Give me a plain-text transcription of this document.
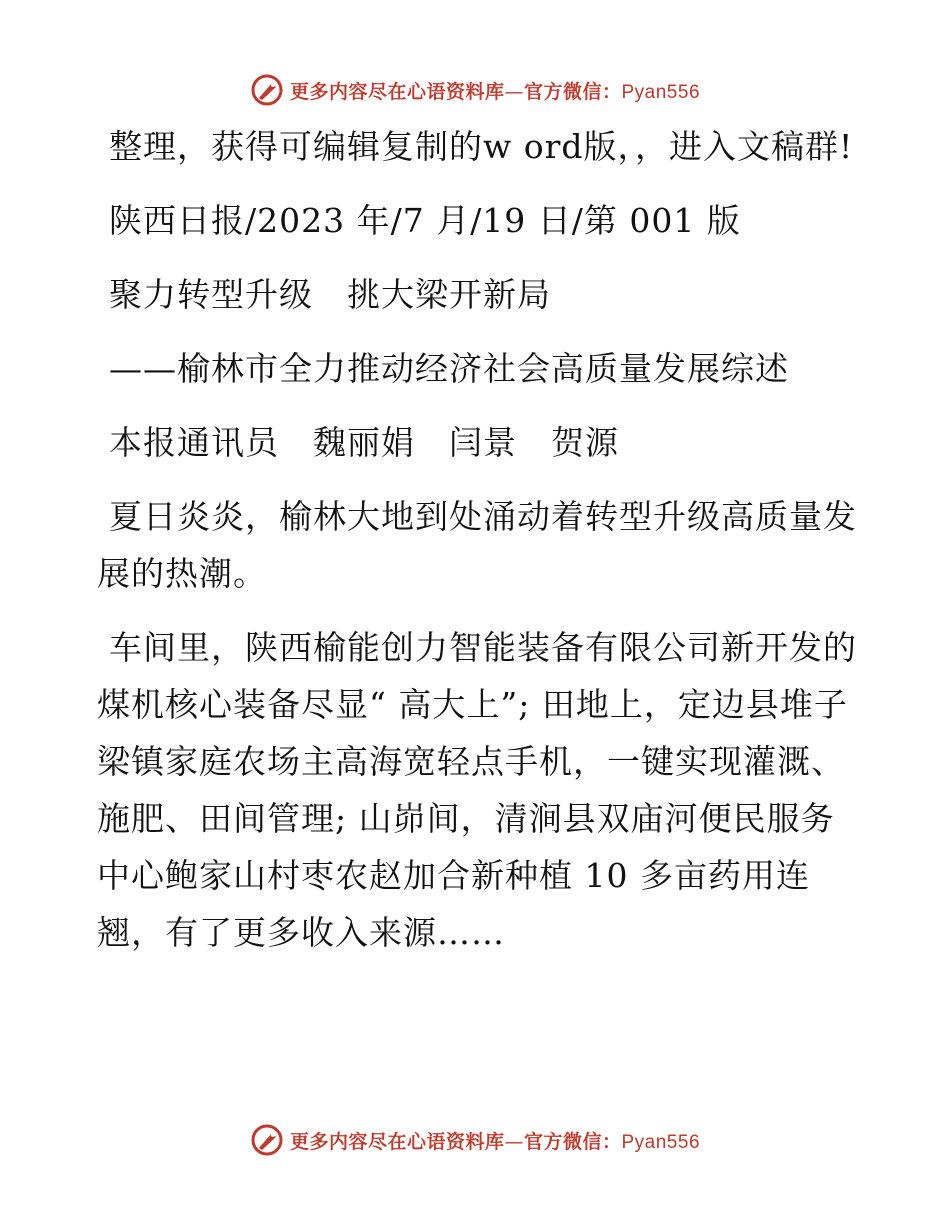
更多内容尽在心语资料库—官方微信：Pyan556

整理，获得可编辑复制的w ord版，，进入文稿群!

陕西日报/2023 年/7 月/19 日/第 001 版

聚力转型升级　挑大梁开新局

——榆林市全力推动经济社会高质量发展综述

本报通讯员　魏丽娟　闫景　贺源

夏日炎炎，榆林大地到处涌动着转型升级高质量发展的热潮。

车间里，陕西榆能创力智能装备有限公司新开发的煤机核心装备尽显“ 高大上”; 田地上，定边县堆子梁镇家庭农场主高海宽轻点手机，一键实现灌溉、施肥、田间管理; 山峁间，清涧县双庙河便民服务中心鲍家山村枣农赵加合新种植 10 多亩药用连翘，有了更多收入来源……

更多内容尽在心语资料库—官方微信：Pyan556
